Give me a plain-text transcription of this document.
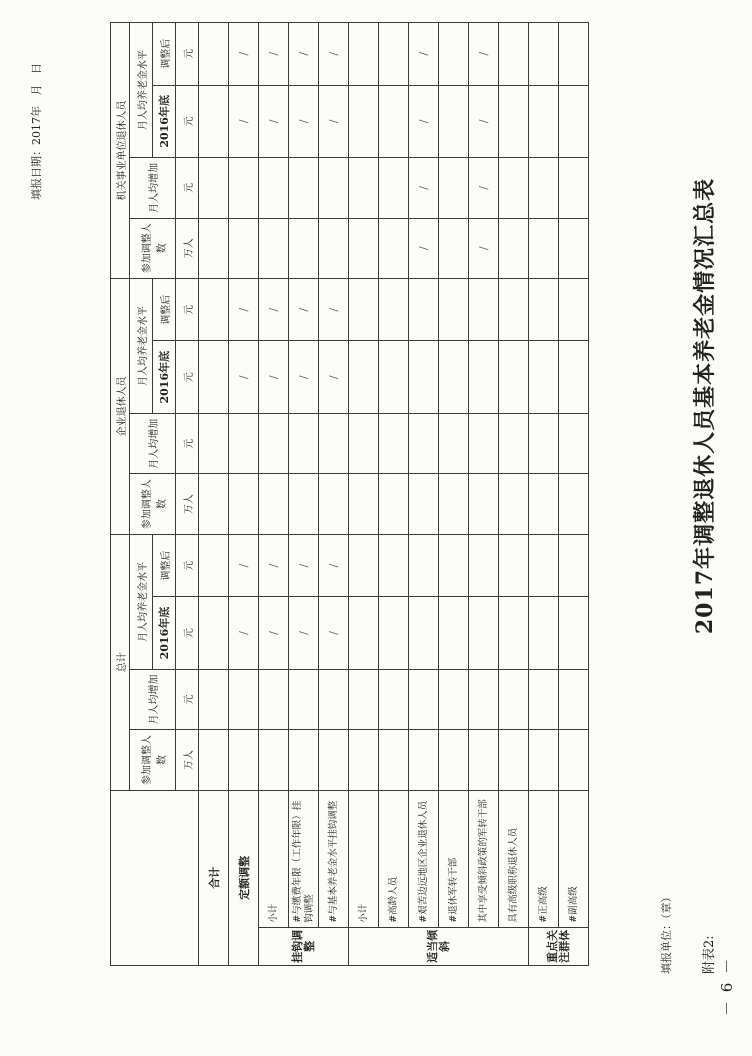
附表2:
填报单位：（章）
－ 6 －
2017年调整退休人员基本养老金情况汇总表
填报日期：2017年   月   日
		总计				企业退休人员				机关事业单位退休人员			
		参加调整人数	月人均增加	月人均养老金水平		参加调整人数	月人均增加	月人均养老金水平		参加调整人数	月人均增加	月人均养老金水平	
				2016年底	调整后			2016年底	调整后			2016年底	调整后
		万人	元	元	元	万人	元	元	元	万人	元	元	元
合计													
定额调整				/	/			/	/			/	/
挂钩调整	小计			/	/			/	/			/	/
	#与缴费年限（工作年限）挂钩调整			/	/			/	/			/	/
	#与基本养老金水平挂钩调整			/	/			/	/			/	/
适当倾斜	小计												
	#高龄人员												
	#艰苦边远地区企业退休人员									/	/	/	/
	#退休军转干部												
	其中享受倾斜政策的军转干部									/	/	/	/
	具有高级职称退休人员												
重点关注群体	#正高级												
	#副高级												
